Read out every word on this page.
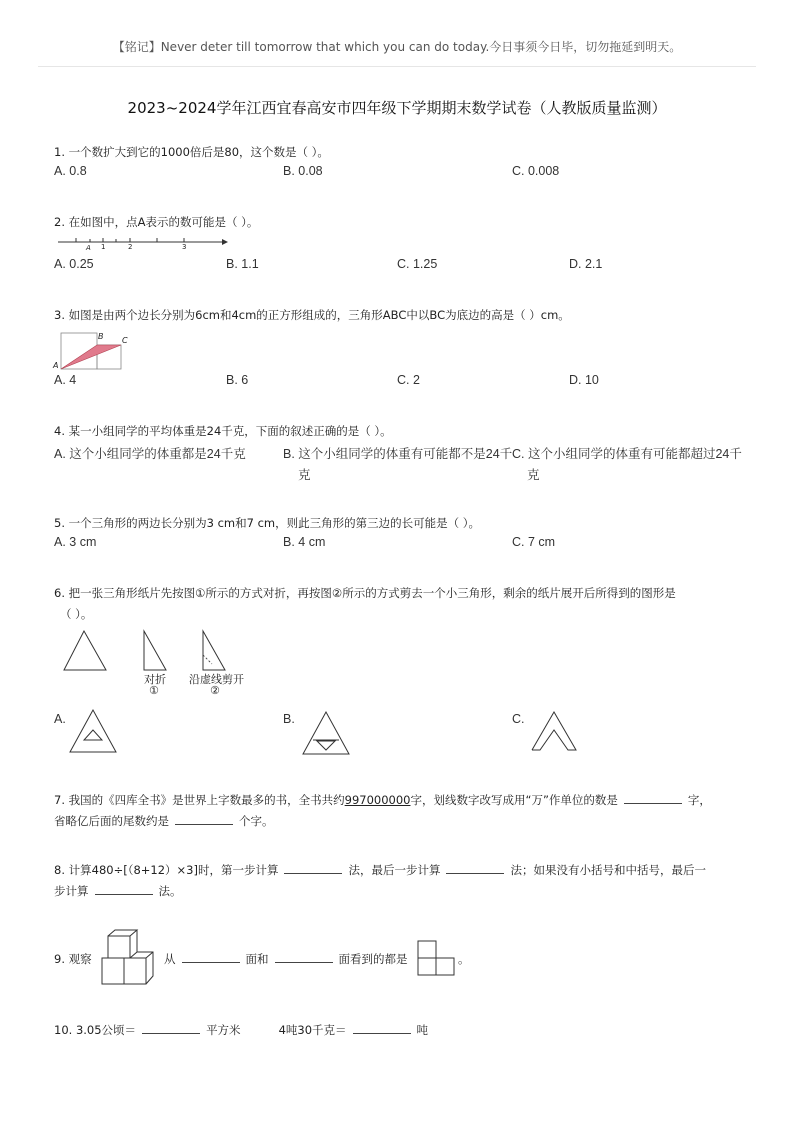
【铭记】Never deter till tomorrow that which you can do today.今日事须今日毕，切勿拖延到明天。
2023~2024学年江西宜春高安市四年级下学期期末数学试卷（人教版质量监测）
1. 一个数扩大到它的1000倍后是80，这个数是（ ）。
A. 0.8	B. 0.08	C. 0.008
2. 在如图中，点A表示的数可能是（ ）。
A 1	2	3
A. 0.25	B. 1.1	C. 1.25	D. 2.1
3. 如图是由两个边长分别为6cm和4cm的正方形组成的，三角形ABC中以BC为底边的高是（ ）cm。
B C
A
A. 4	B. 6	C. 2	D. 10
4. 某一小组同学的平均体重是24千克，下面的叙述正确的是（ ）。
A. 这个小组同学的体重都是24千克	B. 这个小组同学的体重有可能都不是24千
克
C. 这个小组同学的体重有可能都超过24千
克
5. 一个三角形的两边长分别为3 cm和7 cm，则此三角形的第三边的长可能是（ ）。
A. 3 cm	B. 4 cm	C. 7 cm
6. 把一张三角形纸片先按图①所示的方式对折，再按图②所示的方式剪去一个小三角形，剩余的纸片展开后所得到的图形是
（ ）。
对折
①
沿虚线剪开
②
A.	B.	C.
7. 我国的《四库全书》是世界上字数最多的书，全书共约997000000字，划线数字改写成用“万”作单位的数是	字，
省略亿后面的尾数约是	个字。
8. 计算480÷[（8+12）×3]时，第一步计算	法，最后一步计算	法；如果没有小括号和中括号，最后一
步计算	法。
9. 观察	从	面和	面看到的都是	。
10. 3.05公顷＝	平方米	4吨30千克＝	吨
